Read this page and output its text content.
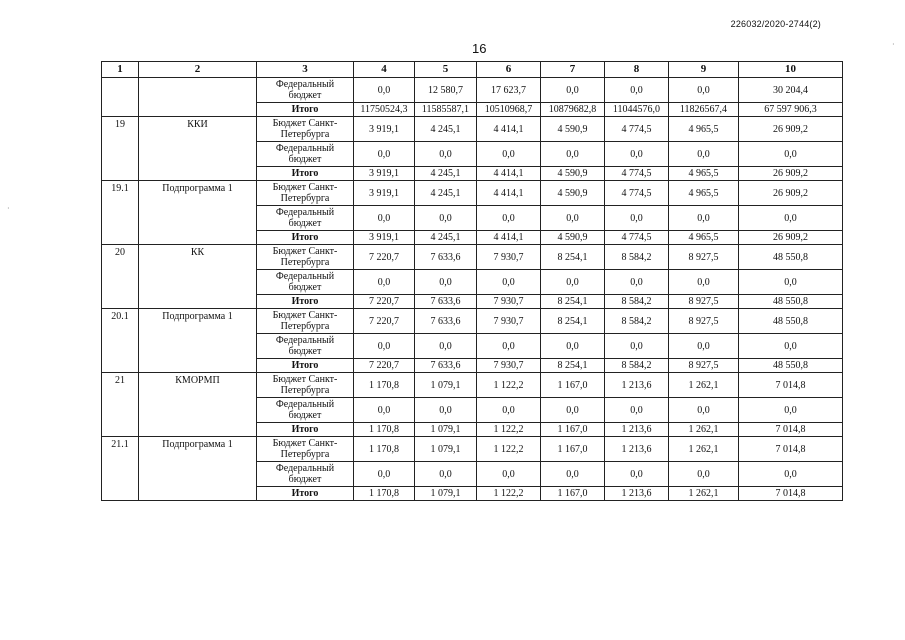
226032/2020-2744(2)
16
1	2	3	4	5	6	7	8	9	10
		Федеральный бюджет	0,0	12 580,7	17 623,7	0,0	0,0	0,0	30 204,4
		Итого	11750524,3	11585587,1	10510968,7	10879682,8	11044576,0	11826567,4	67 597 906,3
19	ККИ	Бюджет Санкт-Петербурга	3 919,1	4 245,1	4 414,1	4 590,9	4 774,5	4 965,5	26 909,2
		Федеральный бюджет	0,0	0,0	0,0	0,0	0,0	0,0	0,0
		Итого	3 919,1	4 245,1	4 414,1	4 590,9	4 774,5	4 965,5	26 909,2
19.1	Подпрограмма 1	Бюджет Санкт-Петербурга	3 919,1	4 245,1	4 414,1	4 590,9	4 774,5	4 965,5	26 909,2
		Федеральный бюджет	0,0	0,0	0,0	0,0	0,0	0,0	0,0
		Итого	3 919,1	4 245,1	4 414,1	4 590,9	4 774,5	4 965,5	26 909,2
20	КК	Бюджет Санкт-Петербурга	7 220,7	7 633,6	7 930,7	8 254,1	8 584,2	8 927,5	48 550,8
		Федеральный бюджет	0,0	0,0	0,0	0,0	0,0	0,0	0,0
		Итого	7 220,7	7 633,6	7 930,7	8 254,1	8 584,2	8 927,5	48 550,8
20.1	Подпрограмма 1	Бюджет Санкт-Петербурга	7 220,7	7 633,6	7 930,7	8 254,1	8 584,2	8 927,5	48 550,8
		Федеральный бюджет	0,0	0,0	0,0	0,0	0,0	0,0	0,0
		Итого	7 220,7	7 633,6	7 930,7	8 254,1	8 584,2	8 927,5	48 550,8
21	КМОРМП	Бюджет Санкт-Петербурга	1 170,8	1 079,1	1 122,2	1 167,0	1 213,6	1 262,1	7 014,8
		Федеральный бюджет	0,0	0,0	0,0	0,0	0,0	0,0	0,0
		Итого	1 170,8	1 079,1	1 122,2	1 167,0	1 213,6	1 262,1	7 014,8
21.1	Подпрограмма 1	Бюджет Санкт-Петербурга	1 170,8	1 079,1	1 122,2	1 167,0	1 213,6	1 262,1	7 014,8
		Федеральный бюджет	0,0	0,0	0,0	0,0	0,0	0,0	0,0
		Итого	1 170,8	1 079,1	1 122,2	1 167,0	1 213,6	1 262,1	7 014,8
·
·
